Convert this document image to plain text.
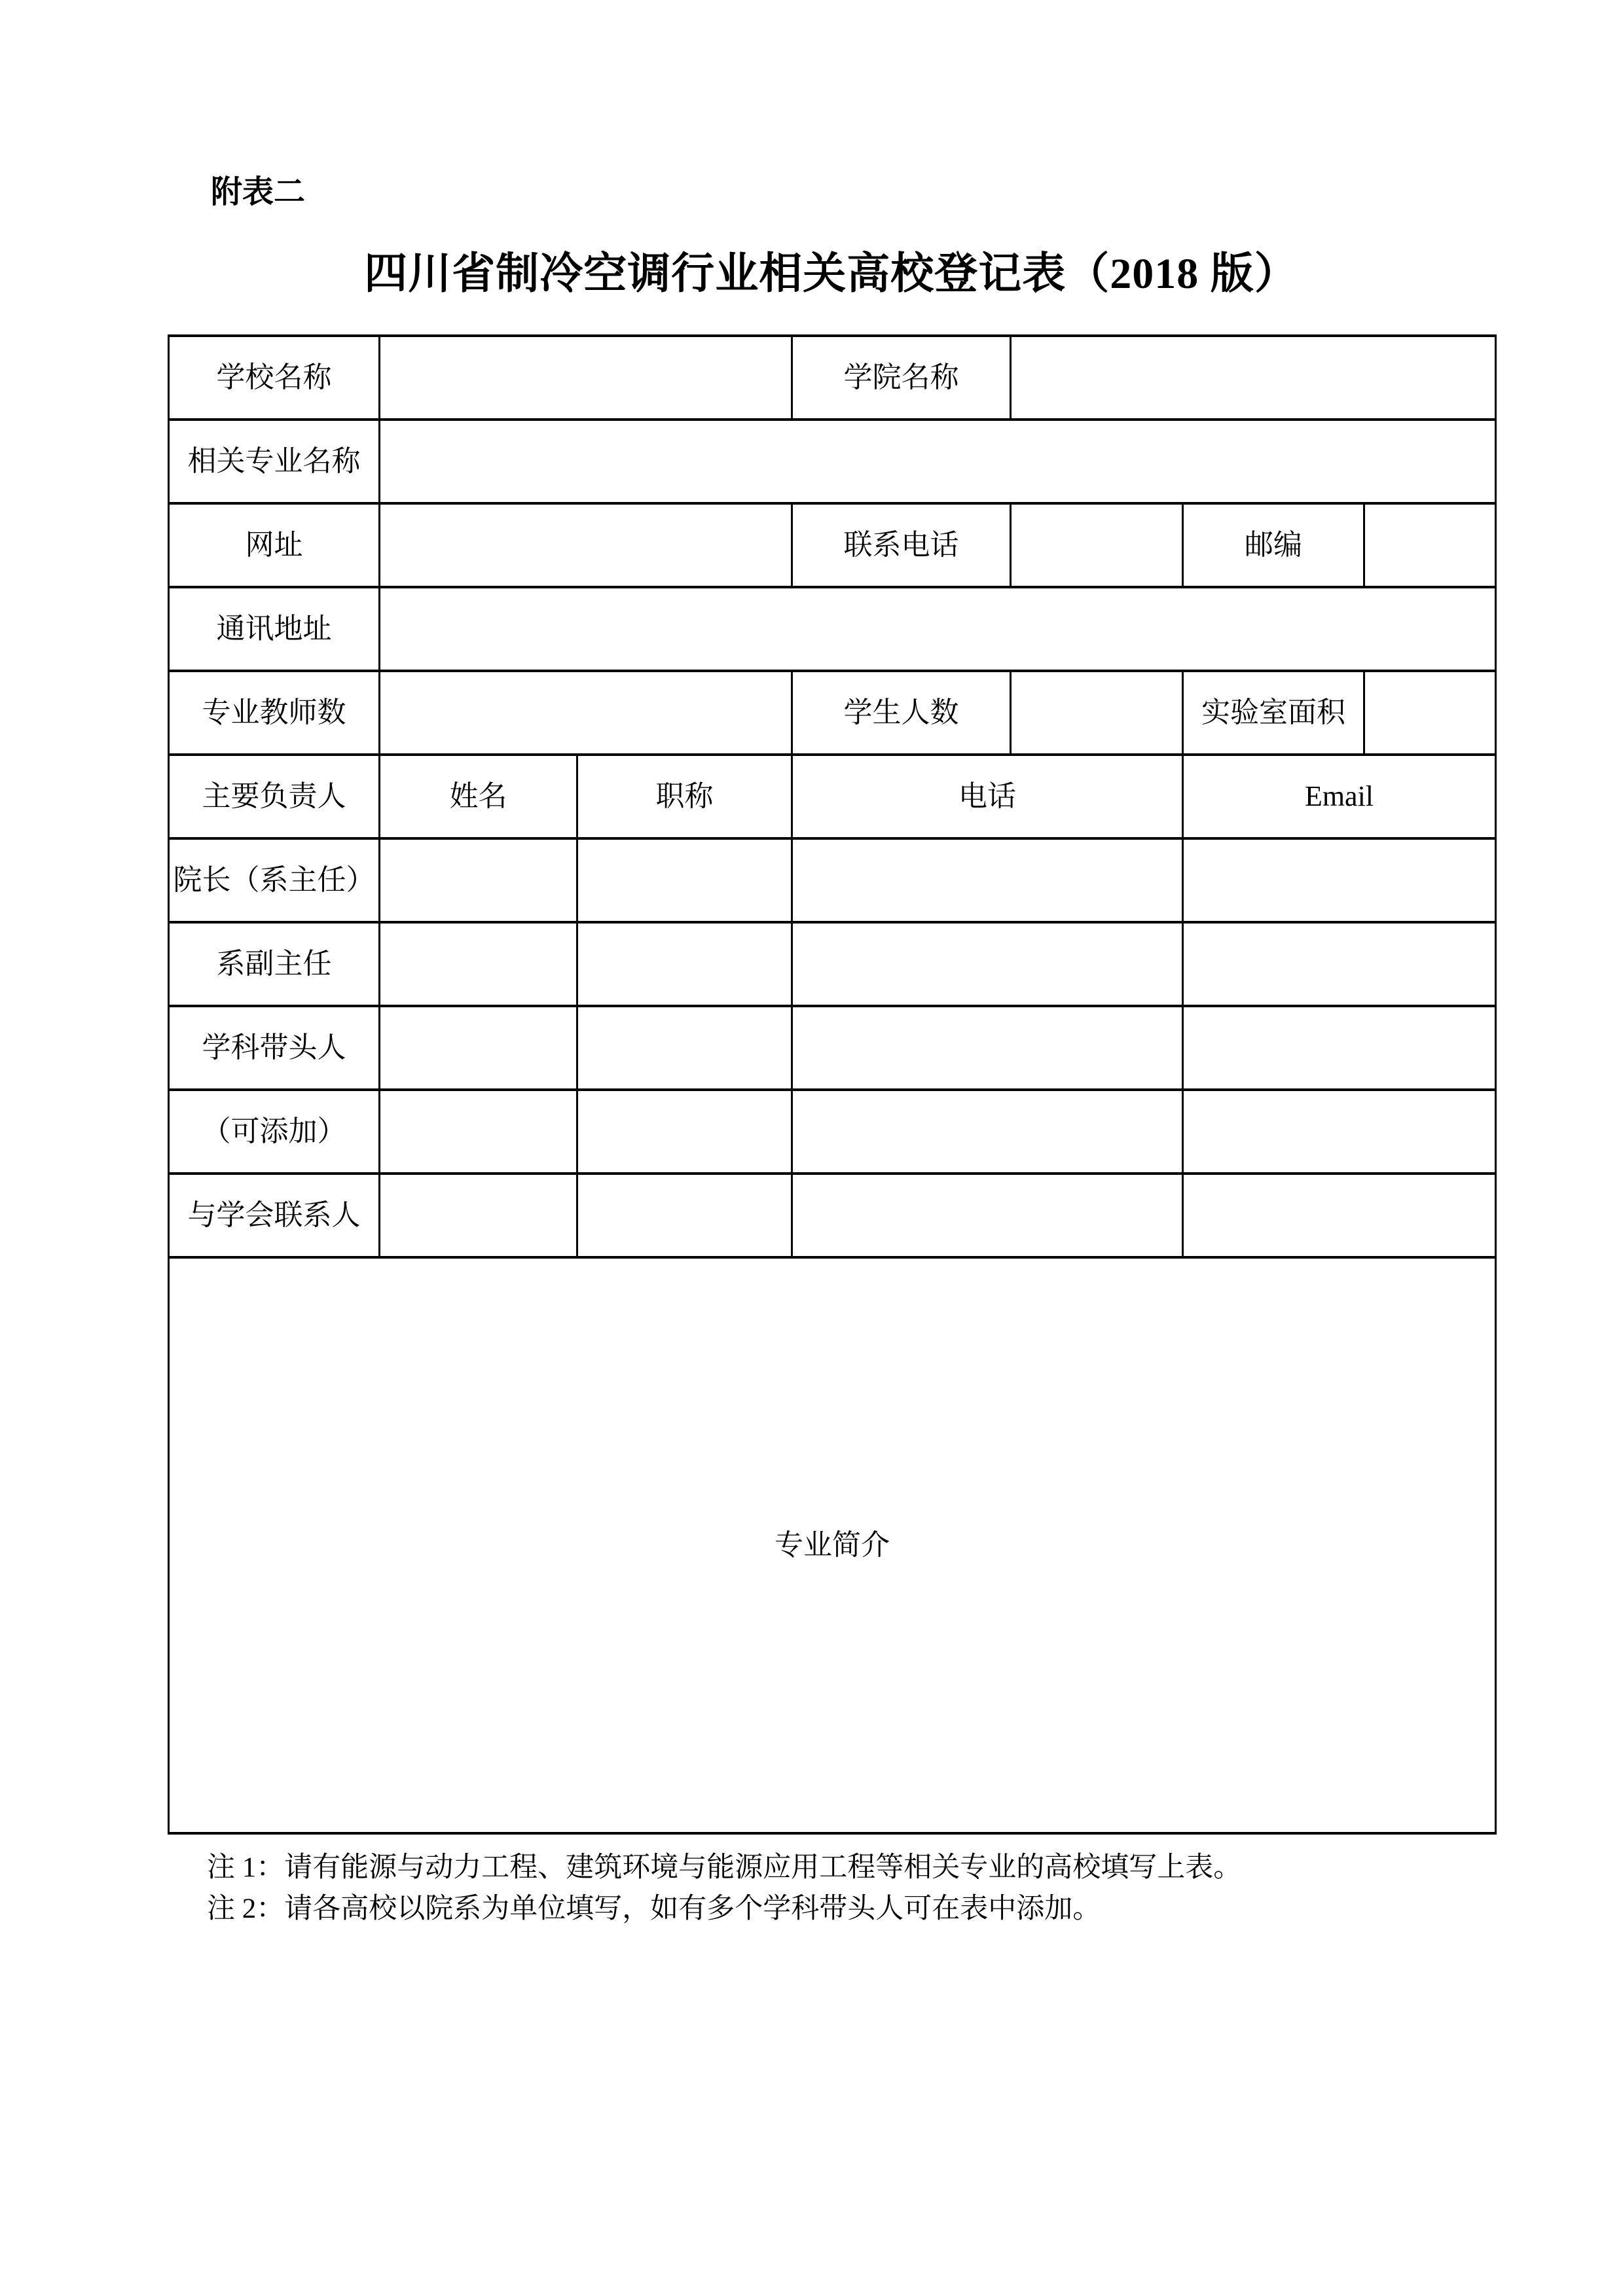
附表二
四川省制冷空调行业相关高校登记表（2018 版）
学校名称			学院名称			
相关专业名称						
网址			联系电话		邮编	
通讯地址						
专业教师数			学生人数		实验室面积	
主要负责人	姓名	职称	电话		Email	
院长（系主任）						
系副主任						
学科带头人						
（可添加）						
与学会联系人						
专业简介						
注 1：请有能源与动力工程、建筑环境与能源应用工程等相关专业的高校填写上表。
注 2：请各高校以院系为单位填写，如有多个学科带头人可在表中添加。
